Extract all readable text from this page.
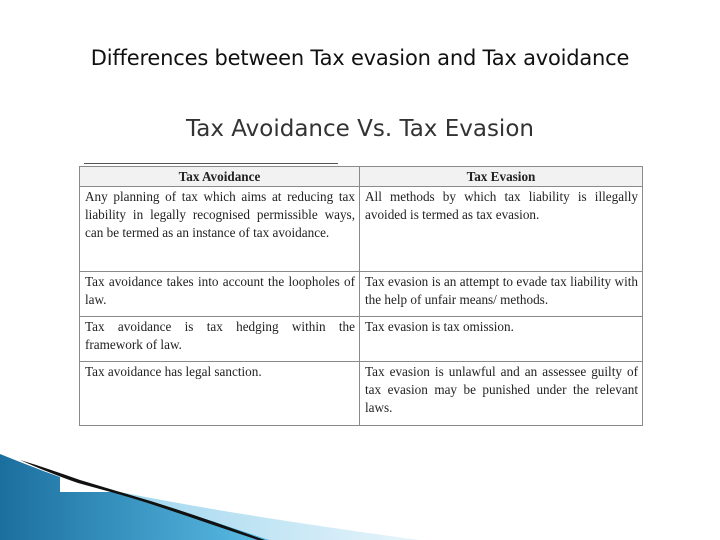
Differences between Tax evasion and Tax avoidance
Tax Avoidance Vs. Tax Evasion
Tax Avoidance	Tax Evasion
Any planning of tax which aims at reducing tax liability in legally recognised permissible ways, can be termed as an instance of tax avoidance.	All methods by which tax liability is illegally avoided is termed as tax evasion.
Tax avoidance takes into account the loopholes of law.	Tax evasion is an attempt to evade tax liability with the help of unfair means/ methods.
Tax avoidance is tax hedging within the framework of law.	Tax evasion is tax omission.
Tax avoidance has legal sanction.	Tax evasion is unlawful and an assessee guilty of tax evasion may be punished under the relevant laws.
